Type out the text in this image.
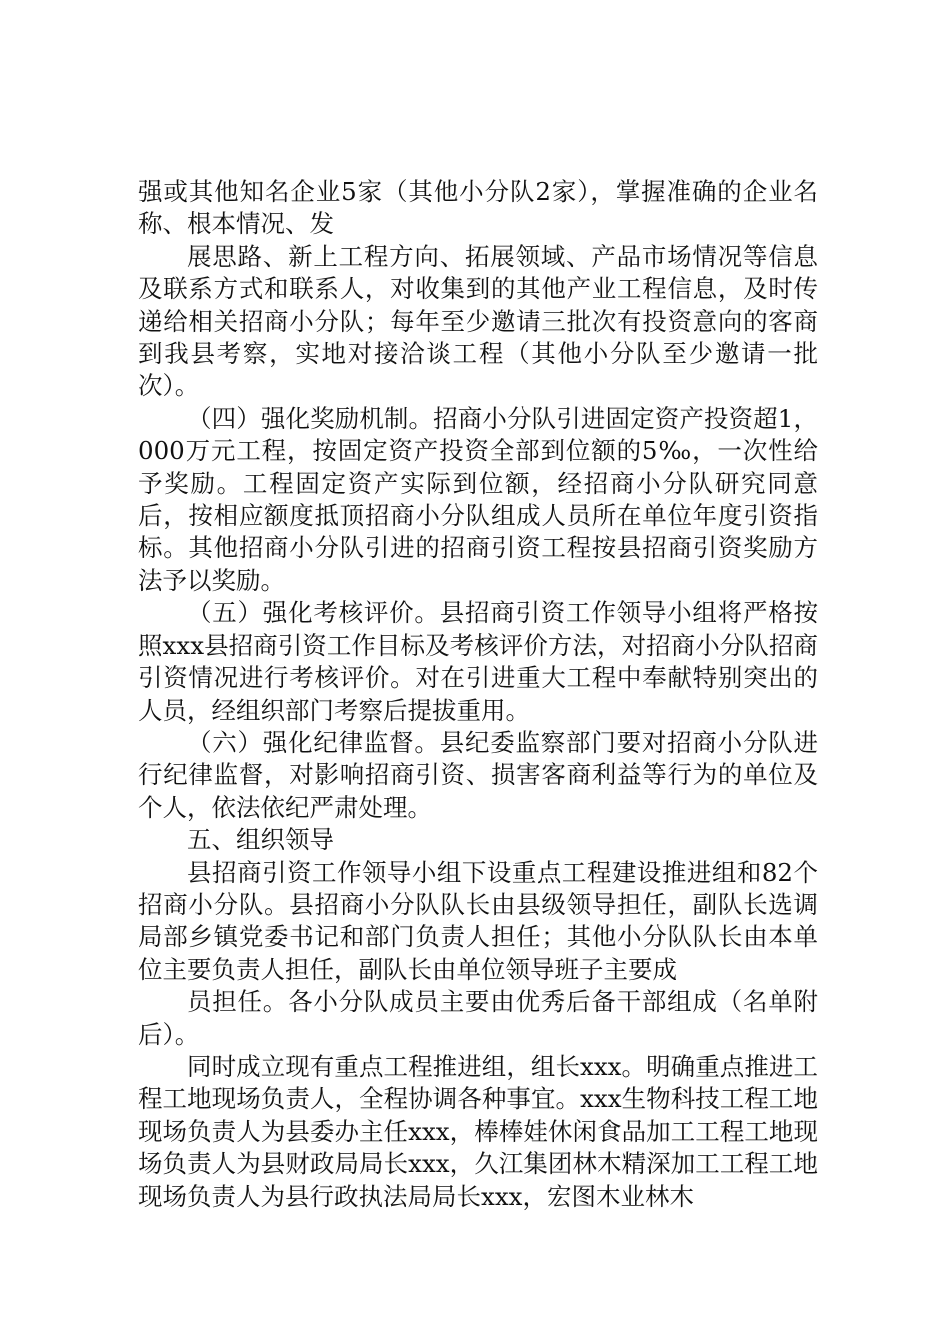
强或其他知名企业5家（其他小分队2家），掌握准确的企业名称、根本情况、发

展思路、新上工程方向、拓展领域、产品市场情况等信息及联系方式和联系人，对收集到的其他产业工程信息，及时传递给相关招商小分队；每年至少邀请三批次有投资意向的客商到我县考察，实地对接洽谈工程（其他小分队至少邀请一批次）。

（四）强化奖励机制。招商小分队引进固定资产投资超1，000万元工程，按固定资产投资全部到位额的5‰，一次性给予奖励。工程固定资产实际到位额，经招商小分队研究同意后，按相应额度抵顶招商小分队组成人员所在单位年度引资指标。其他招商小分队引进的招商引资工程按县招商引资奖励方法予以奖励。

（五）强化考核评价。县招商引资工作领导小组将严格按照xxx县招商引资工作目标及考核评价方法，对招商小分队招商引资情况进行考核评价。对在引进重大工程中奉献特别突出的人员，经组织部门考察后提拔重用。

（六）强化纪律监督。县纪委监察部门要对招商小分队进行纪律监督，对影响招商引资、损害客商利益等行为的单位及个人，依法依纪严肃处理。

五、组织领导

县招商引资工作领导小组下设重点工程建设推进组和82个招商小分队。县招商小分队队长由县级领导担任，副队长选调局部乡镇党委书记和部门负责人担任；其他小分队队长由本单位主要负责人担任，副队长由单位领导班子主要成

员担任。各小分队成员主要由优秀后备干部组成（名单附后）。

同时成立现有重点工程推进组，组长xxx。明确重点推进工程工地现场负责人，全程协调各种事宜。xxx生物科技工程工地现场负责人为县委办主任xxx，棒棒娃休闲食品加工工程工地现场负责人为县财政局局长xxx，久江集团林木精深加工工程工地现场负责人为县行政执法局局长xxx，宏图木业林木
